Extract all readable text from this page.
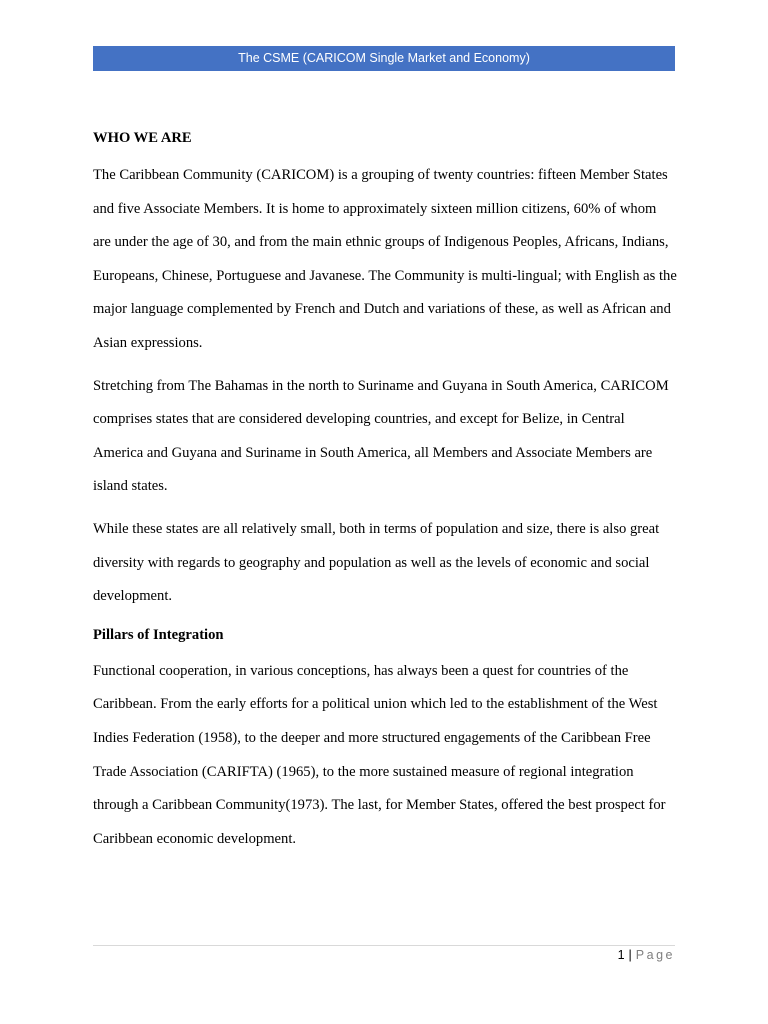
The CSME (CARICOM Single Market and Economy)
WHO WE ARE

The Caribbean Community (CARICOM) is a grouping of twenty countries: fifteen Member States and five Associate Members. It is home to approximately sixteen million citizens, 60% of whom are under the age of 30, and from the main ethnic groups of Indigenous Peoples, Africans, Indians, Europeans, Chinese, Portuguese and Javanese. The Community is multi-lingual; with English as the major language complemented by French and Dutch and variations of these, as well as African and Asian expressions.

Stretching from The Bahamas in the north to Suriname and Guyana in South America, CARICOM comprises states that are considered developing countries, and except for Belize, in Central America and Guyana and Suriname in South America, all Members and Associate Members are island states.

While these states are all relatively small, both in terms of population and size, there is also great diversity with regards to geography and population as well as the levels of economic and social development.

Pillars of Integration

Functional cooperation, in various conceptions, has always been a quest for countries of the Caribbean. From the early efforts for a political union which led to the establishment of the West Indies Federation (1958), to the deeper and more structured engagements of the Caribbean Free Trade Association (CARIFTA) (1965), to the more sustained measure of regional integration through a Caribbean Community(1973). The last, for Member States, offered the best prospect for Caribbean economic development.

1 | Page
